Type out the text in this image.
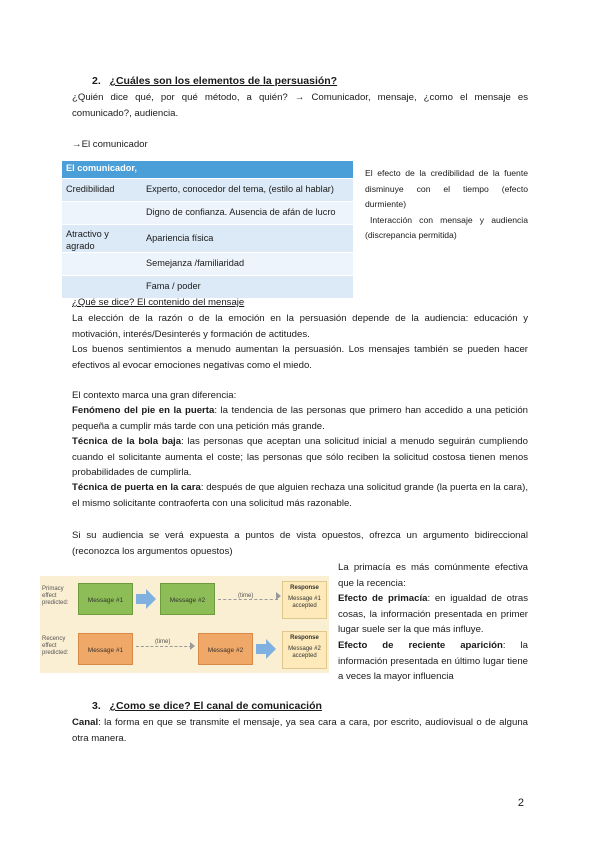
2. ¿Cuáles son los elementos de la persuasión?
¿Quién dice qué, por qué método, a quién? → Comunicador, mensaje, ¿como el mensaje es comunicado?, audiencia.
→El comunicador
El comunicador,	
Credibilidad	Experto, conocedor del tema, (estilo al hablar)
	Digno de confianza. Ausencia de afán de lucro
Atractivo y agrado	Apariencia física
	Semejanza /familiaridad
	Fama / poder
El efecto de la credibilidad de la fuente disminuye con el tiempo (efecto durmiente)
Interacción con mensaje y audiencia (discrepancia permitida)
¿Qué se dice? El contenido del mensaje
La elección de la razón o de la emoción en la persuasión depende de la audiencia: educación y motivación, interés/Desinterés y formación de actitudes.
Los buenos sentimientos a menudo aumentan la persuasión. Los mensajes también se pueden hacer efectivos al evocar emociones negativas como el miedo.
El contexto marca una gran diferencia:
Fenómeno del pie en la puerta: la tendencia de las personas que primero han accedido a una petición pequeña a cumplir más tarde con una petición más grande.
Técnica de la bola baja: las personas que aceptan una solicitud inicial a menudo seguirán cumpliendo cuando el solicitante aumenta el coste; las personas que sólo reciben la solicitud costosa tienen menos probabilidades de cumplirla.
Técnica de puerta en la cara: después de que alguien rechaza una solicitud grande (la puerta en la cara), el mismo solicitante contraoferta con una solicitud más razonable.
Si su audiencia se verá expuesta a puntos de vista opuestos, ofrezca un argumento bidireccional (reconozca los argumentos opuestos)
Primacy effect predicted:	Message #1	Message #2
(time)
Response
Message #1 accepted
Recency effect predicted:	Message #1
(time)
Message #2
Response
Message #2 accepted
La primacía es más comúnmente efectiva que la recencia:
Efecto de primacía: en igualdad de otras cosas, la información presentada en primer lugar suele ser la que más influye.
Efecto de reciente aparición: la información presentada en último lugar tiene a veces la mayor influencia
3. ¿Como se dice? El canal de comunicación
Canal: la forma en que se transmite el mensaje, ya sea cara a cara, por escrito, audiovisual o de alguna otra manera.
2
